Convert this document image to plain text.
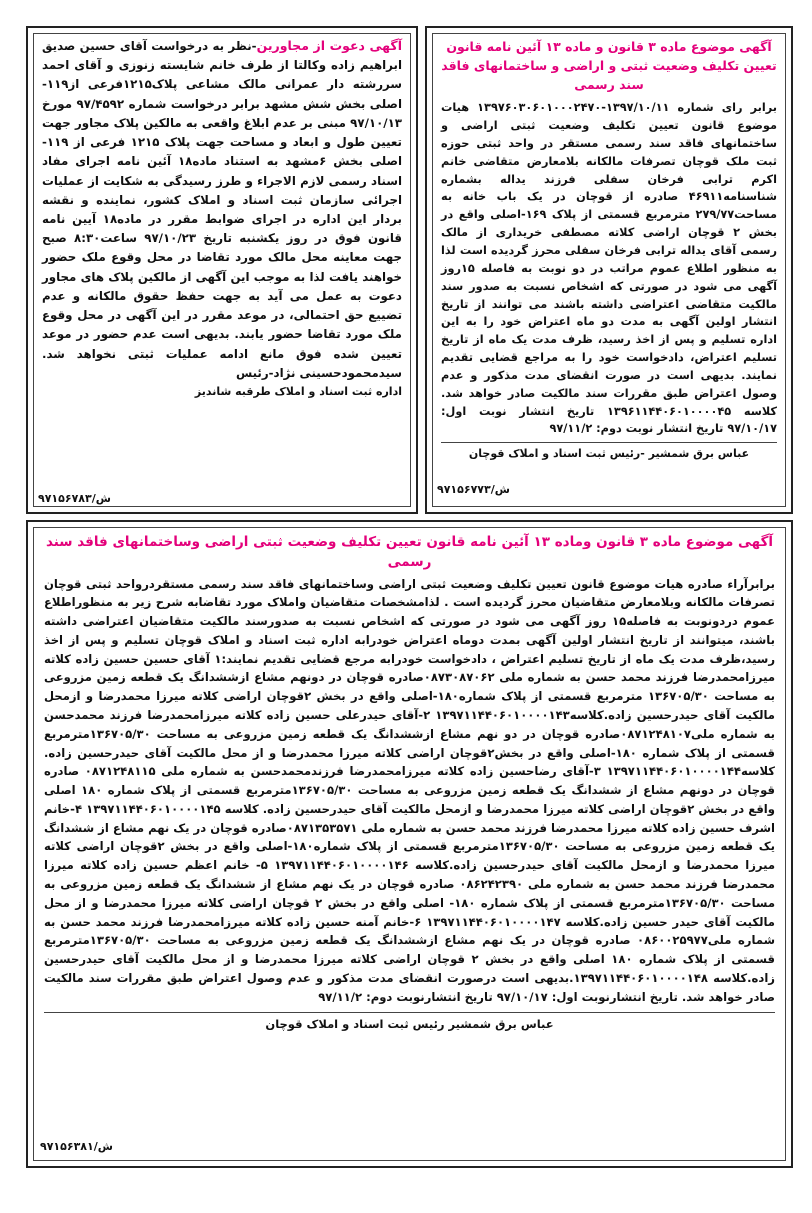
آگهی موضوع ماده ۳ قانون و ماده ۱۳ آئین نامه قانون تعیین تکلیف وضعیت ثبتی و اراضی و ساختمانهای فاقد سند رسمی
برابر رای شماره ۱۳۹۷/۱۰/۱۱-۱۳۹۷۶۰۳۰۶۰۱۰۰۰۲۴۷۰ هیات موضوع قانون تعیین تکلیف وضعیت ثبتی اراضی و ساختمانهای فاقد سند رسمی مستقر در واحد ثبتی حوزه ثبت ملک قوچان تصرفات مالکانه بلامعارض متقاضی خانم اکرم ترابی فرخان سفلی فرزند یداله بشماره شناسنامه۴۶۹۱۱ صادره از قوچان در یک باب خانه به مساحت۲۷۹/۷۷ مترمربع قسمتی از پلاک ۱۶۹-اصلی واقع در بخش ۲ قوچان اراضی کلاته مصطفی خریداری از مالک رسمی آقای یداله ترابی فرخان سفلی محرز گردیده است لذا به منظور اطلاع عموم مراتب در دو نوبت به فاصله ۱۵روز آگهی می شود در صورتی که اشخاص نسبت به صدور سند مالکیت متقاضی اعتراضی داشته باشند می توانند از تاریخ انتشار اولین آگهی به مدت دو ماه اعتراض خود را به این اداره تسلیم و پس از اخذ رسید، ظرف مدت یک ماه از تاریخ تسلیم اعتراض، دادخواست خود را به مراجع قضایی تقدیم نمایند. بدیهی است در صورت انقضای مدت مذکور و عدم وصول اعتراض طبق مقررات سند مالکیت صادر خواهد شد. کلاسه ۱۳۹۶۱۱۴۴۰۶۰۱۰۰۰۰۴۵ تاریخ انتشار نوبت اول: ۹۷/۱۰/۱۷ تاریخ انتشار نوبت دوم: ۹۷/۱۱/۲
عباس برق شمشیر -رئیس ثبت اسناد و املاک قوچان
ش/۹۷۱۵۶۷۷۳
آگهی دعوت از مجاورین-نظر به درخواست آقای حسین صدیق ابراهیم زاده وکالتا از طرف خانم شایسته زنوزی و آقای احمد سررشته دار عمرانی مالک مشاعی پلاک۱۲۱۵فرعی از۱۱۹- اصلی بخش شش مشهد برابر درخواست شماره ۹۷/۴۵۹۲ مورخ ۹۷/۱۰/۱۳ مبنی بر عدم ابلاغ واقعی به مالکین پلاک مجاور جهت تعیین طول و ابعاد و مساحت جهت پلاک ۱۲۱۵ فرعی از ۱۱۹-اصلی بخش ۶مشهد به استناد ماده۱۸ آئین نامه اجرای مفاد اسناد رسمی لازم الاجراء و طرز رسیدگی به شکایت از عملیات اجرائی سازمان ثبت اسناد و املاک کشور، نماینده و نقشه بردار این اداره در اجرای ضوابط مقرر در ماده۱۸ آیین نامه قانون فوق در روز یکشنبه تاریخ ۹۷/۱۰/۲۳ ساعت۸:۳۰ صبح جهت معاینه محل مالک مورد تقاضا در محل وقوع ملک حضور خواهند یافت لذا به موجب این آگهی از مالکین پلاک های مجاور دعوت به عمل می آید به جهت حفظ حقوق مالکانه و عدم تضییع حق احتمالی، در موعد مقرر در این آگهی در محل وقوع ملک مورد تقاضا حضور یابند. بدیهی است عدم حضور در موعد تعیین شده فوق مانع ادامه عملیات ثبتی نخواهد شد. سیدمحمودحسینی نژاد-رئیس
اداره ثبت اسناد و املاک طرقبه شاندیز
ش/۹۷۱۵۶۷۸۳
آگهی موضوع ماده ۳ قانون وماده ۱۳ آئین نامه قانون تعیین تکلیف وضعیت ثبتی اراضی وساختمانهای فاقد سند رسمی
برابرآراء صادره هیات موضوع قانون تعیین تکلیف وضعیت ثبتی اراضی وساختمانهای فاقد سند رسمی مستقردرواحد ثبتی قوچان تصرفات مالکانه وبلامعارض متقاضیان محرز گردیده است . لذامشخصات متقاضیان واملاک مورد تقاضابه شرح زیر به منظوراطلاع عموم دردونوبت به فاصله۱۵ روز آگهی می شود در صورتی که اشخاص نسبت به صدورسند مالکیت متقاضیان اعتراضی داشته باشند، میتوانند از تاریخ انتشار اولین آگهی بمدت دوماه اعتراض خودرابه اداره ثبت اسناد و املاک قوچان تسلیم و پس از اخذ رسید،ظرف مدت یک ماه از تاریخ تسلیم اعتراض ، دادخواست خودرابه مرجع قضایی تقدیم نمایند:۱ آقای حسین حسین زاده کلاته میرزامحمدرضا فرزند محمد حسن به شماره ملی ۰۸۷۳۰۸۷۰۶۲صادره قوچان در دونهم مشاع ازششدانگ یک قطعه زمین مزروعی به مساحت ۱۳۶۷۰۵/۳۰ مترمربع قسمتی از پلاک شماره۱۸۰-اصلی واقع در بخش ۲قوچان اراضی کلاته میرزا محمدرضا و ازمحل مالکیت آقای حیدرحسین زاده.کلاسه۱۳۹۷۱۱۴۴۰۶۰۱۰۰۰۰۱۴۳ ۲-آقای حیدرعلی حسین زاده کلاته میرزامحمدرضا فرزند محمدحسن به شماره ملی۰۸۷۱۲۴۸۱۰۷صادره قوچان در دو نهم مشاع ازششدانگ یک قطعه زمین مزروعی به مساحت ۱۳۶۷۰۵/۳۰مترمربع قسمتی از پلاک شماره ۱۸۰-اصلی واقع در بخش۲قوچان اراضی کلاته میرزا محمدرضا و از محل مالکیت آقای حیدرحسین زاده. کلاسه۱۳۹۷۱۱۴۴۰۶۰۱۰۰۰۰۱۴۴ ۳-آقای رضاحسین زاده کلاته میرزامحمدرضا فرزندمحمدحسن به شماره ملی ۰۸۷۱۲۴۸۱۱۵ صادره قوچان در دونهم مشاع از ششدانگ یک قطعه زمین مزروعی به مساحت ۱۳۶۷۰۵/۳۰مترمربع قسمتی از پلاک شماره ۱۸۰ اصلی واقع در بخش ۲قوچان اراضی کلاته میرزا محمدرضا و ازمحل مالکیت آقای حیدرحسین زاده. کلاسه ۱۳۹۷۱۱۴۴۰۶۰۱۰۰۰۰۱۴۵ ۴-خانم اشرف حسین زاده کلاته میرزا محمدرضا فرزند محمد حسن به شماره ملی ۰۸۷۱۳۵۳۵۷۱صادره قوچان در یک نهم مشاع از ششدانگ یک قطعه زمین مزروعی به مساحت ۱۳۶۷۰۵/۳۰مترمربع قسمتی از پلاک شماره۱۸۰-اصلی واقع در بخش ۲قوچان اراضی کلاته میرزا محمدرضا و ازمحل مالکیت آقای حیدرحسین زاده.کلاسه ۱۳۹۷۱۱۴۴۰۶۰۱۰۰۰۰۱۴۶ ۵- خانم اعظم حسین زاده کلاته میرزا محمدرضا فرزند محمد حسن به شماره ملی ۰۸۶۲۴۲۳۹۰ صادره قوچان در یک نهم مشاع از ششدانگ یک قطعه زمین مزروعی به مساحت ۱۳۶۷۰۵/۳۰مترمربع قسمتی از پلاک شماره ۱۸۰- اصلی واقع در بخش ۲ قوچان اراضی کلاته میرزا محمدرضا و از محل مالکیت آقای حیدر حسین زاده.کلاسه ۱۳۹۷۱۱۴۴۰۶۰۱۰۰۰۰۱۴۷ ۶-خانم آمنه حسین زاده کلاته میرزامحمدرضا فرزند محمد حسن به شماره ملی۰۸۶۰۰۲۵۹۷۷ صادره قوچان در یک نهم مشاع ازششدانگ یک قطعه زمین مزروعی به مساحت ۱۳۶۷۰۵/۳۰مترمربع قسمتی از پلاک شماره ۱۸۰ اصلی واقع در بخش ۲ قوچان اراضی کلاته میرزا محمدرضا و از محل مالکیت آقای حیدرحسین زاده.کلاسه ۱۳۹۷۱۱۴۴۰۶۰۱۰۰۰۰۱۴۸.بدیهی است درصورت انقضای مدت مذکور و عدم وصول اعتراض طبق مقررات سند مالکیت صادر خواهد شد. تاریخ انتشارنوبت اول: ۹۷/۱۰/۱۷ تاریخ انتشارنوبت دوم: ۹۷/۱۱/۲
عباس برق شمشیر رئیس ثبت اسناد و املاک قوچان
ش/۹۷۱۵۶۳۸۱
